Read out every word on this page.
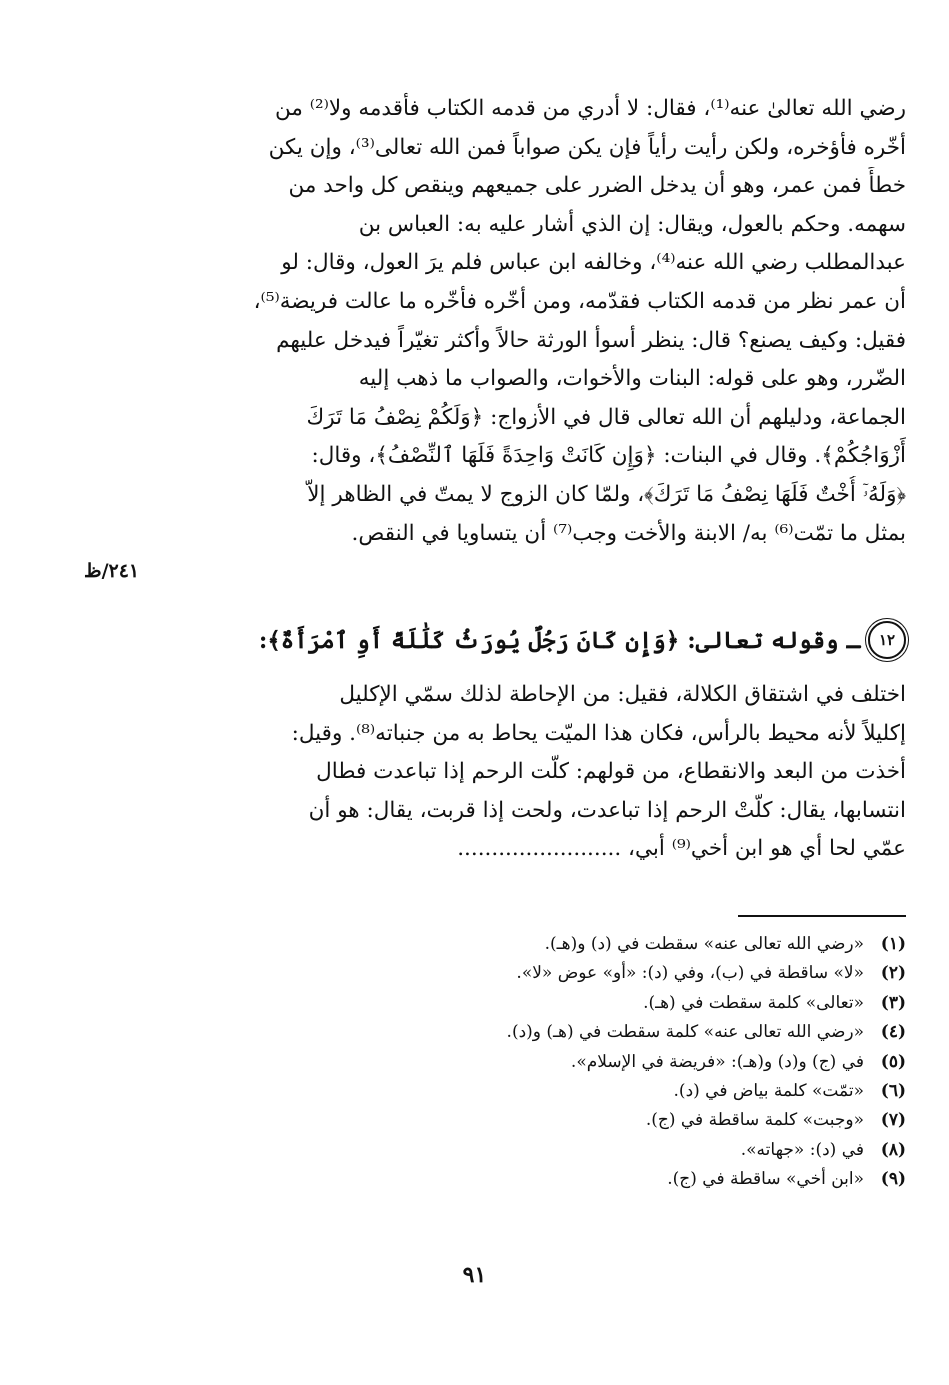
رضي الله تعالىٰ عنه⁽¹⁾، فقال: لا أدري من قدمه الكتاب فأقدمه ولا⁽²⁾ من
أخّره فأؤخره، ولكن رأيت رأياً فإن يكن صواباً فمن الله تعالى⁽³⁾، وإن يكن
خطأً فمن عمر، وهو أن يدخل الضرر على جميعهم وينقص كل واحد من
سهمه. وحكم بالعول، ويقال: إن الذي أشار عليه به: العباس بن
عبدالمطلب رضي الله عنه⁽⁴⁾، وخالفه ابن عباس فلم يرَ العول، وقال: لو
أن عمر نظر من قدمه الكتاب فقدّمه، ومن أخّره فأخّره ما عالت فريضة⁽⁵⁾،
فقيل: وكيف يصنع؟ قال: ينظر أسوأ الورثة حالاً وأكثر تغيّراً فيدخل عليهم
الضّرر، وهو على قوله: البنات والأخوات، والصواب ما ذهب إليه
الجماعة، ودليلهم أن الله تعالى قال في الأزواج: ﴿وَلَكُمْ نِصْفُ مَا تَرَكَ
أَزْوَاجُكُمْ﴾. وقال في البنات: ﴿وَإِن كَانَتْ وَاحِدَةً فَلَهَا ٱلنِّصْفُ﴾، وقال:
﴿وَلَهُۥٓ أُخْتٌ فَلَهَا نِصْفُ مَا تَرَكَ﴾، ولمّا كان الزوج لا يمتّ في الظاهر إلاّ
بمثل ما تمّت⁽⁶⁾ به/ الابنة والأخت وجب⁽⁷⁾ أن يتساويا في النقص.
٢٤١/ظ
١٢
ـ وقوله تعالى: ﴿وَإِن كَانَ رَجُلٌ يُورَثُ كَلَٰلَةً أَوِ ٱمْرَأَةٌ﴾:
اختلف في اشتقاق الكلالة، فقيل: من الإحاطة لذلك سمّي الإكليل
إكليلاً لأنه محيط بالرأس، فكان هذا الميّت يحاط به من جنباته⁽⁸⁾. وقيل:
أخذت من البعد والانقطاع، من قولهم: كلّت الرحم إذا تباعدت فطال
انتسابها، يقال: كلّتْ الرحم إذا تباعدت، ولحت إذا قربت، يقال: هو أن
عمّي لحا أي هو ابن أخي⁽⁹⁾ أبي، ........................
(١)
«رضي الله تعالى عنه» سقطت في (د) و(هـ).
(٢)
«لا» ساقطة في (ب)، وفي (د): «أو» عوض «لا».
(٣)
«تعالى» كلمة سقطت في (هـ).
(٤)
«رضي الله تعالى عنه» كلمة سقطت في (هـ) و(د).
(٥)
في (ج) و(د) و(هـ): «فريضة في الإسلام».
(٦)
«تمّت» كلمة بياض في (د).
(٧)
«وجبت» كلمة ساقطة في (ج).
(٨)
في (د): «جهاته».
(٩)
«ابن أخي» ساقطة في (ج).
٩١
